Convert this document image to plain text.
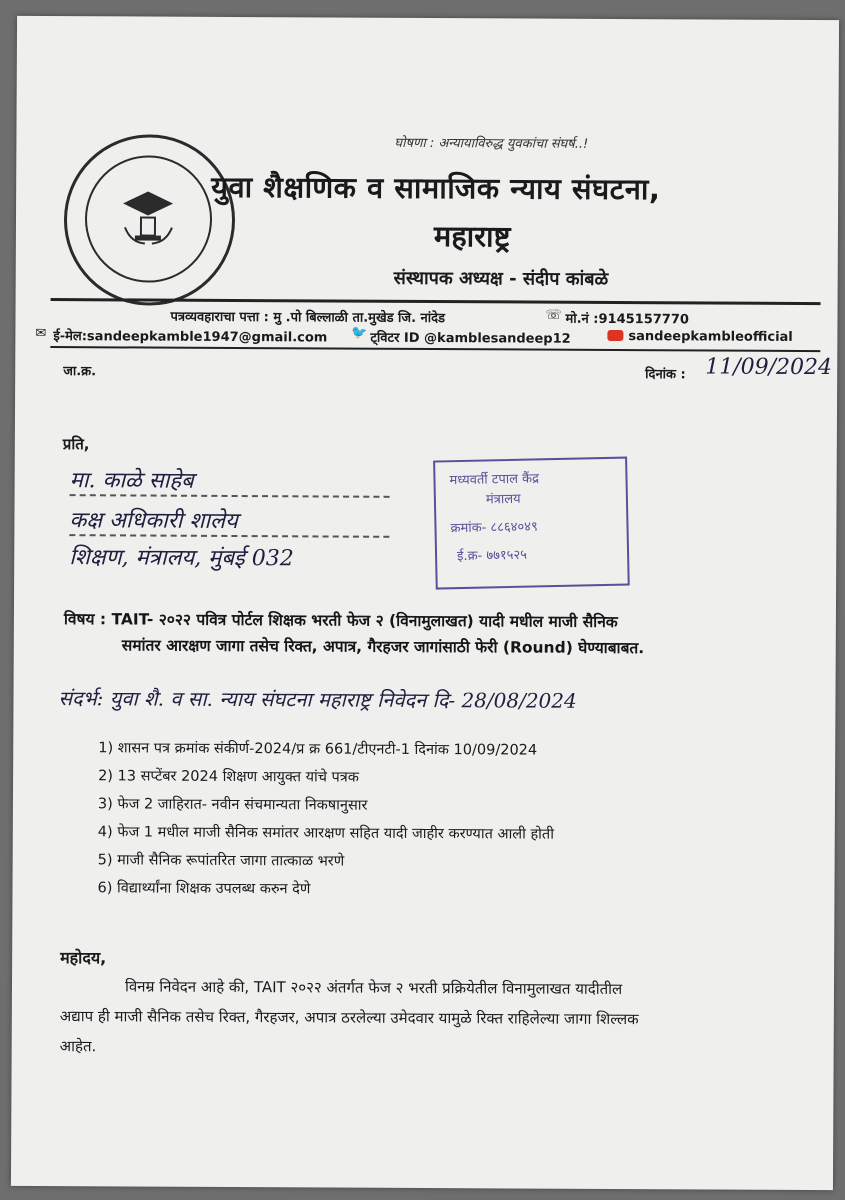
घोषणा : अन्यायाविरुद्ध युवकांचा संघर्ष..!
युवा शैक्षणिक व सामाजिक न्याय संघटना,
महाराष्ट्र
संस्थापक अध्यक्ष - संदीप कांबळे
पत्रव्यवहाराचा पत्ता : मु .पो बिल्लाळी ता.मुखेड जि. नांदेड	☏ मो.नं :9145157770
✉ ई-मेल:sandeepkamble1947@gmail.com 🐦 ट्विटर ID @kamblesandeep12	sandeepkambleofficial
जा.क्र.	दिनांक : 11/09/2024
प्रति,
मा. काळे साहेब
कक्ष अधिकारी शालेय
शिक्षण, मंत्रालय, मुंबई 032
मध्यवर्ती टपाल कैंद्र
मंत्रालय
क्रमांक- ८८६४०४९
ई.क्र- ७७१५२५
विषय : TAIT- २०२२ पवित्र पोर्टल शिक्षक भरती फेज २ (विनामुलाखत) यादी मधील माजी सैनिक
समांतर आरक्षण जागा तसेच रिक्त, अपात्र, गैरहजर जागांसाठी फेरी (Round) घेण्याबाबत.
संदर्भ: युवा शै. व सा. न्याय संघटना महाराष्ट्र निवेदन दि- 28/08/2024
1) शासन पत्र क्रमांक संकीर्ण-2024/प्र क्र 661/टीएनटी-1 दिनांक 10/09/2024
2) 13 सप्टेंबर 2024 शिक्षण आयुक्त यांचे पत्रक
3) फेज 2 जाहिरात- नवीन संचमान्यता निकषानुसार
4) फेज 1 मधील माजी सैनिक समांतर आरक्षण सहित यादी जाहीर करण्यात आली होती
5) माजी सैनिक रूपांतरित जागा तात्काळ भरणे
6) विद्यार्थ्यांना शिक्षक उपलब्ध करुन देणे
महोदय,
विनम्र निवेदन आहे की, TAIT २०२२ अंतर्गत फेज २ भरती प्रक्रियेतील विनामुलाखत यादीतील
अद्याप ही माजी सैनिक तसेच रिक्त, गैरहजर, अपात्र ठरलेल्या उमेदवार यामुळे रिक्त राहिलेल्या जागा शिल्लक
आहेत.
